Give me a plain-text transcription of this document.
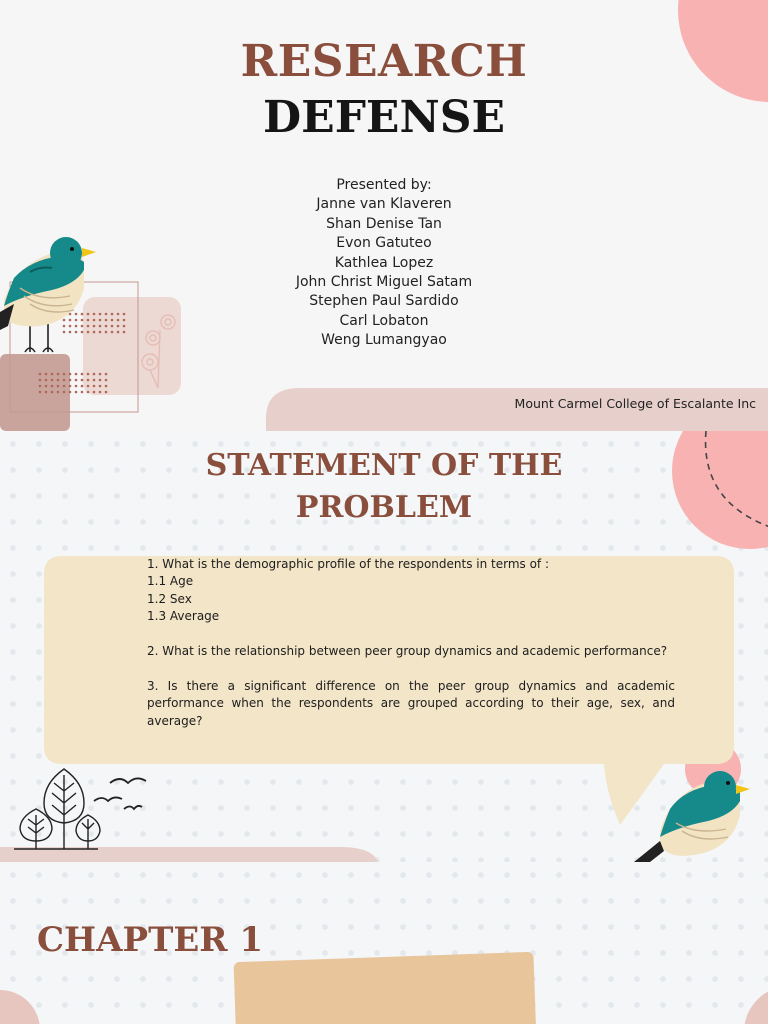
RESEARCH
DEFENSE
Presented by:
Janne van Klaveren
Shan Denise Tan
Evon Gatuteo
Kathlea Lopez
John Christ Miguel Satam
Stephen Paul Sardido
Carl Lobaton
Weng Lumangyao
Mount Carmel College of Escalante Inc
STATEMENT OF THE
PROBLEM

1. What is the demographic profile of the respondents in terms of :

1.1 Age

1.2 Sex

1.3 Average

2. What is the relationship between peer group dynamics and academic performance?

3. Is there a significant difference on the peer group dynamics and academic performance when the respondents are grouped according to their age, sex, and average?

CHAPTER 1
